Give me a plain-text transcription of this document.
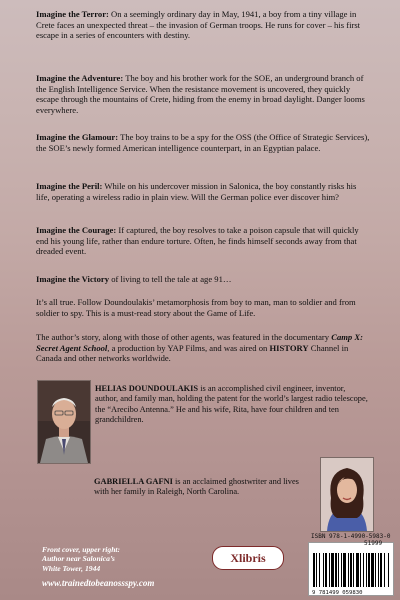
Imagine the Terror: On a seemingly ordinary day in May, 1941, a boy from a tiny village in Crete faces an unexpected threat – the invasion of German troops. He runs for cover – his first escape in a series of encounters with destiny.

Imagine the Adventure: The boy and his brother work for the SOE, an underground branch of the English Intelligence Service. When the resistance movement is uncovered, they quickly escape through the mountains of Crete, hiding from the enemy in broad daylight. Danger looms everywhere.

Imagine the Glamour: The boy trains to be a spy for the OSS (the Office of Strategic Services), the SOE’s newly formed American intelligence counterpart, in an Egyptian palace.

Imagine the Peril: While on his undercover mission in Salonica, the boy constantly risks his life, operating a wireless radio in plain view. Will the German police ever discover him?

Imagine the Courage: If captured, the boy resolves to take a poison capsule that will quickly end his young life, rather than endure torture. Often, he finds himself seconds away from that dreaded event.

Imagine the Victory of living to tell the tale at age 91…

It’s all true. Follow Doundoulakis’ metamorphosis from boy to man, man to soldier and from soldier to spy. This is a must-read story about the Game of Life.

The author’s story, along with those of other agents, was featured in the documentary Camp X: Secret Agent School, a production by YAP Films, and was aired on HISTORY Channel in Canada and other networks worldwide.

HELIAS DOUNDOULAKIS is an accomplished civil engineer, inventor, author, and family man, holding the patent for the world’s largest radio telescope, the “Arecibo Antenna.” He and his wife, Rita, have four children and ten grandchildren.

GABRIELLA GAFNI is an acclaimed ghostwriter and lives with her family in Raleigh, North Carolina.

Front cover, upper right:
Author near Salonica’s
White Tower, 1944
Xlibris
www.trainedtobeanossspy.com
ISBN 978-1-4990-5983-0
51999
9 781499 059830
